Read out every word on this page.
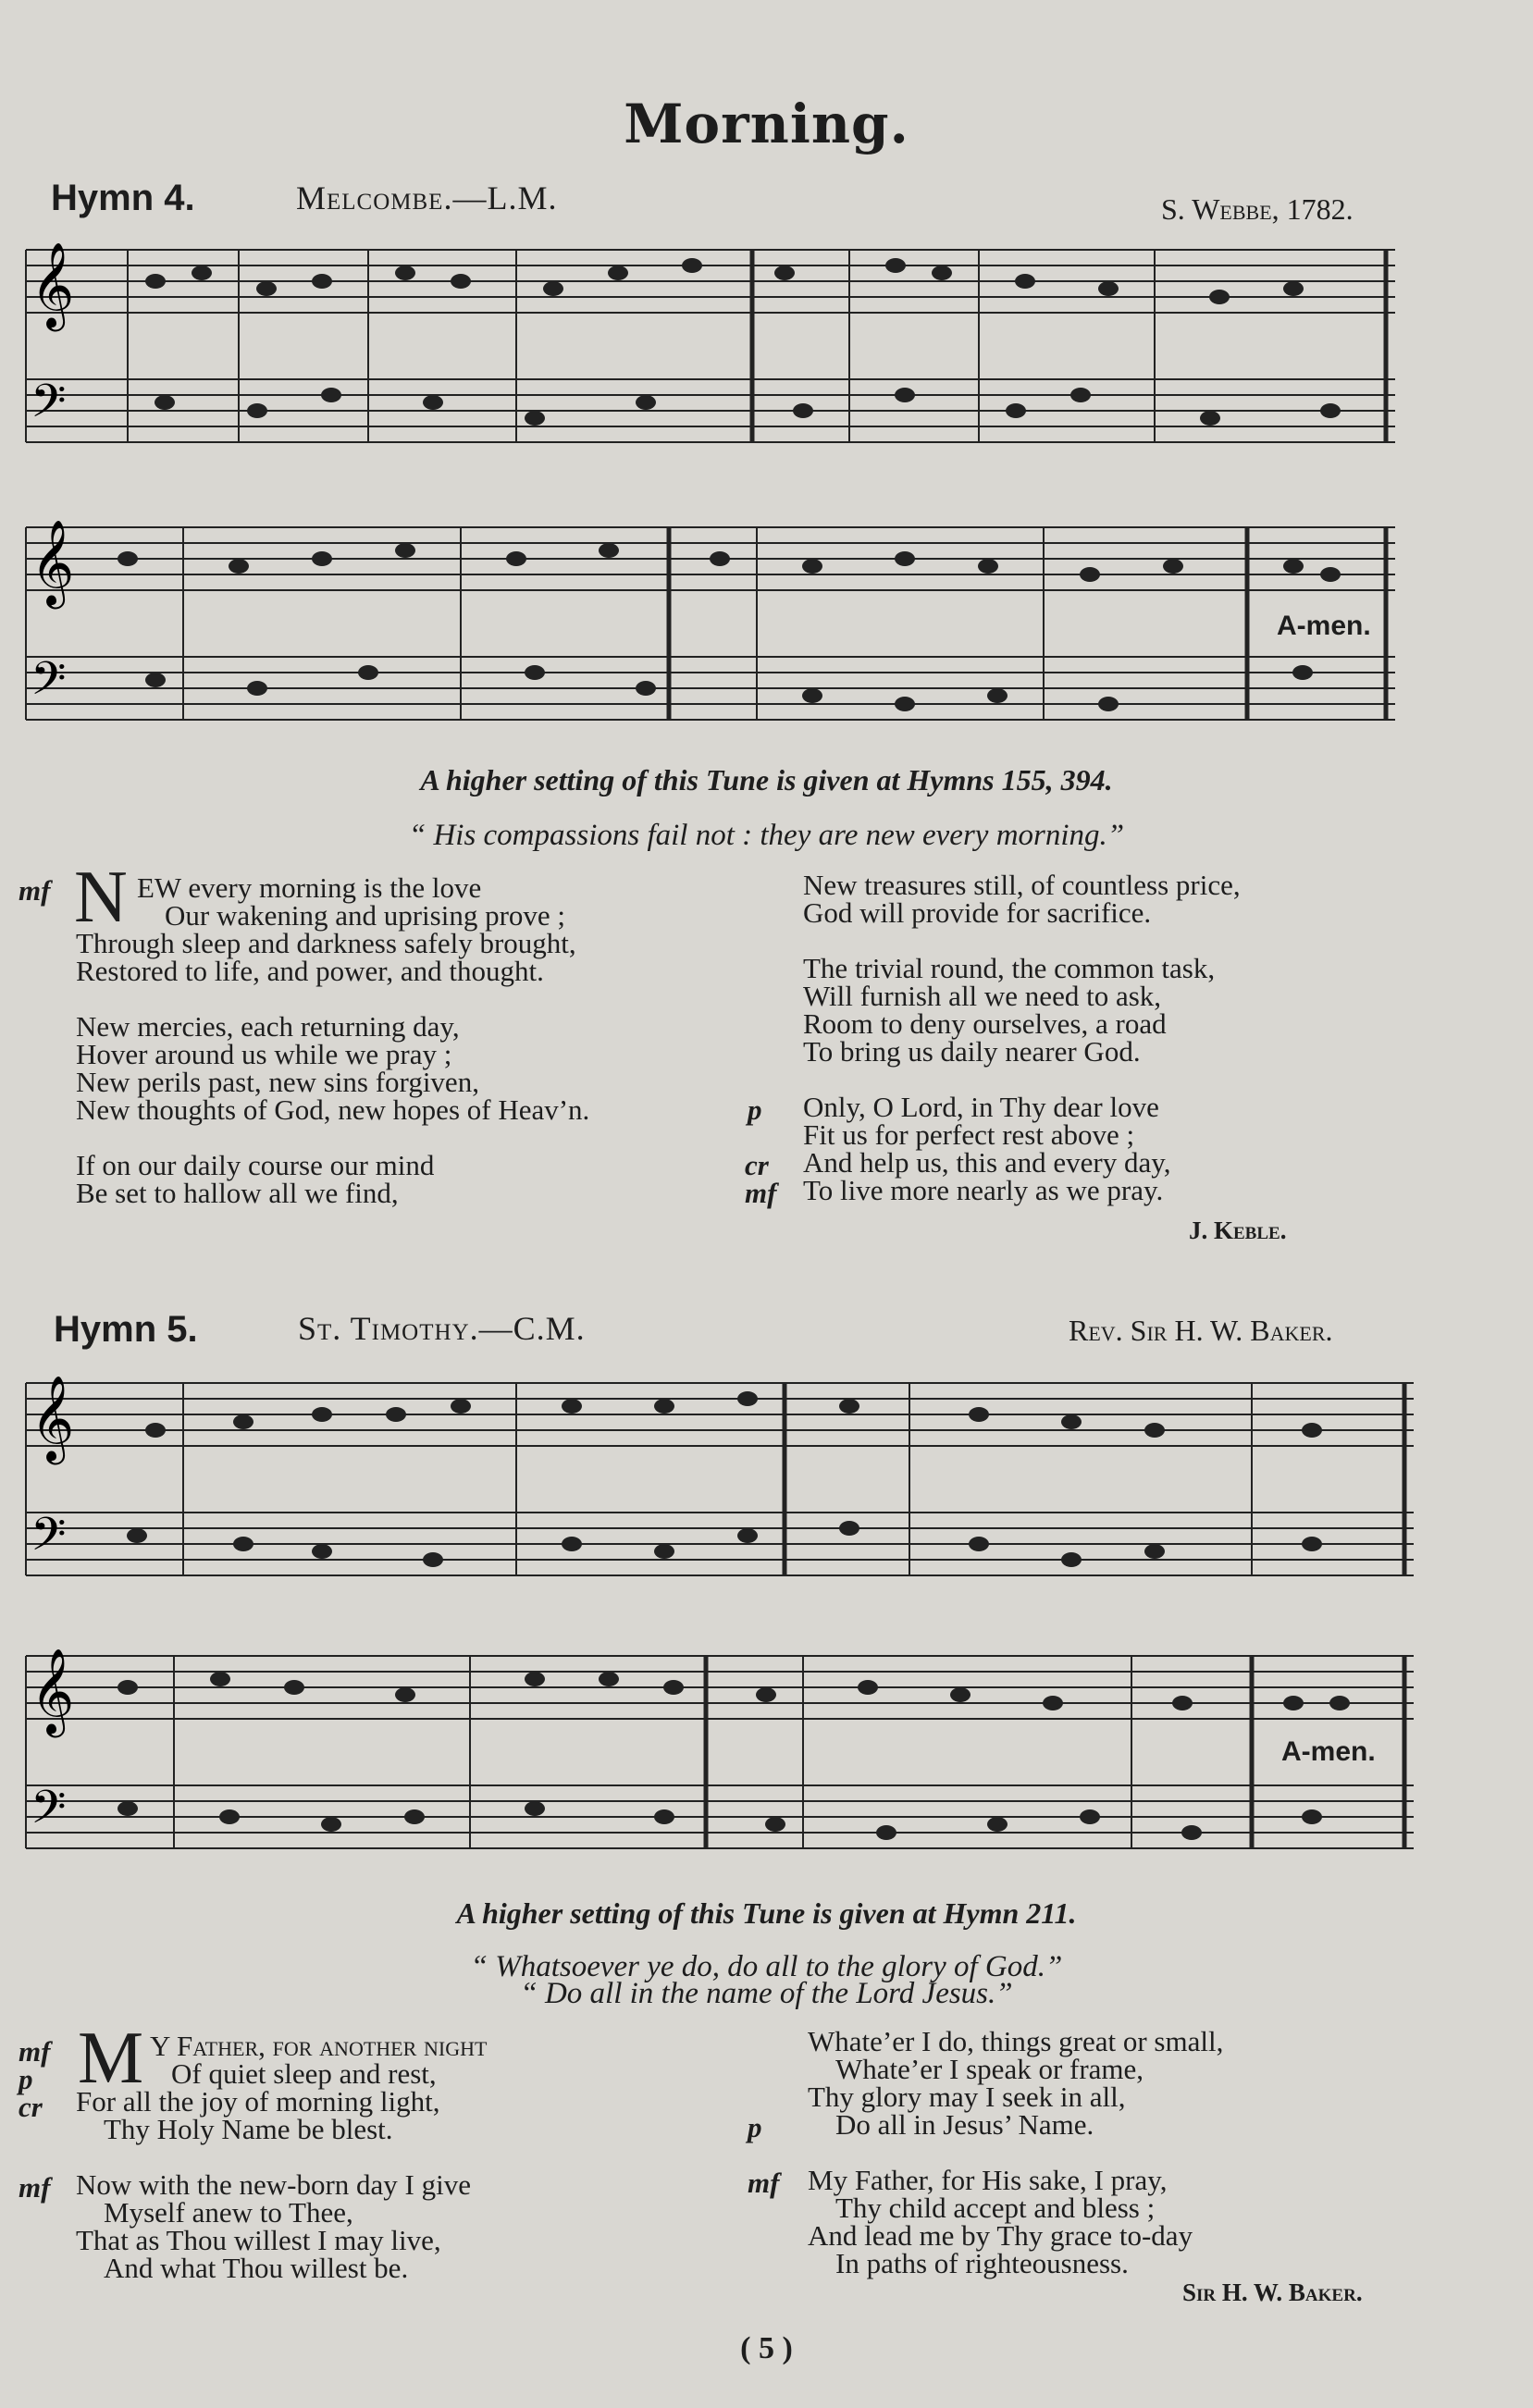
Morning.
Hymn 4.	Melcombe.—L.M.	S. Webbe, 1782.
𝄞
𝄢
𝄞
𝄢
A-men.
A higher setting of this Tune is given at Hymns 155, 394.
“ His compassions fail not : they are new every morning.”
mf N EW every morning is the love
Our wakening and uprising prove ;
Through sleep and darkness safely brought,
Restored to life, and power, and thought.
New mercies, each returning day,
Hover around us while we pray ;
New perils past, new sins forgiven,
New thoughts of God, new hopes of Heav’n.
If on our daily course our mind
Be set to hallow all we find,
New treasures still, of countless price,
God will provide for sacrifice.
The trivial round, the common task,
Will furnish all we need to ask,
Room to deny ourselves, a road
To bring us daily nearer God.
p Only, O Lord, in Thy dear love
Fit us for perfect rest above ;
cr And help us, this and every day,
mf To live more nearly as we pray.
J. Keble.
Hymn 5.	St. Timothy.—C.M.	Rev. Sir H. W. Baker.
𝄞
𝄢
𝄞
𝄢
A-men.
A higher setting of this Tune is given at Hymn 211.
“ Whatsoever ye do, do all to the glory of God.”
“ Do all in the name of the Lord Jesus.”
mf
p
cr
M Y Father, for another night
Of quiet sleep and rest,
For all the joy of morning light,
Thy Holy Name be blest.
mf Now with the new-born day I give
Myself anew to Thee,
That as Thou willest I may live,
And what Thou willest be.
Whate’er I do, things great or small,
Whate’er I speak or frame,
Thy glory may I seek in all,
p	Do all in Jesus’ Name.
mf My Father, for His sake, I pray,
Thy child accept and bless ;
And lead me by Thy grace to-day
In paths of righteousness.
Sir H. W. Baker.
( 5 )
